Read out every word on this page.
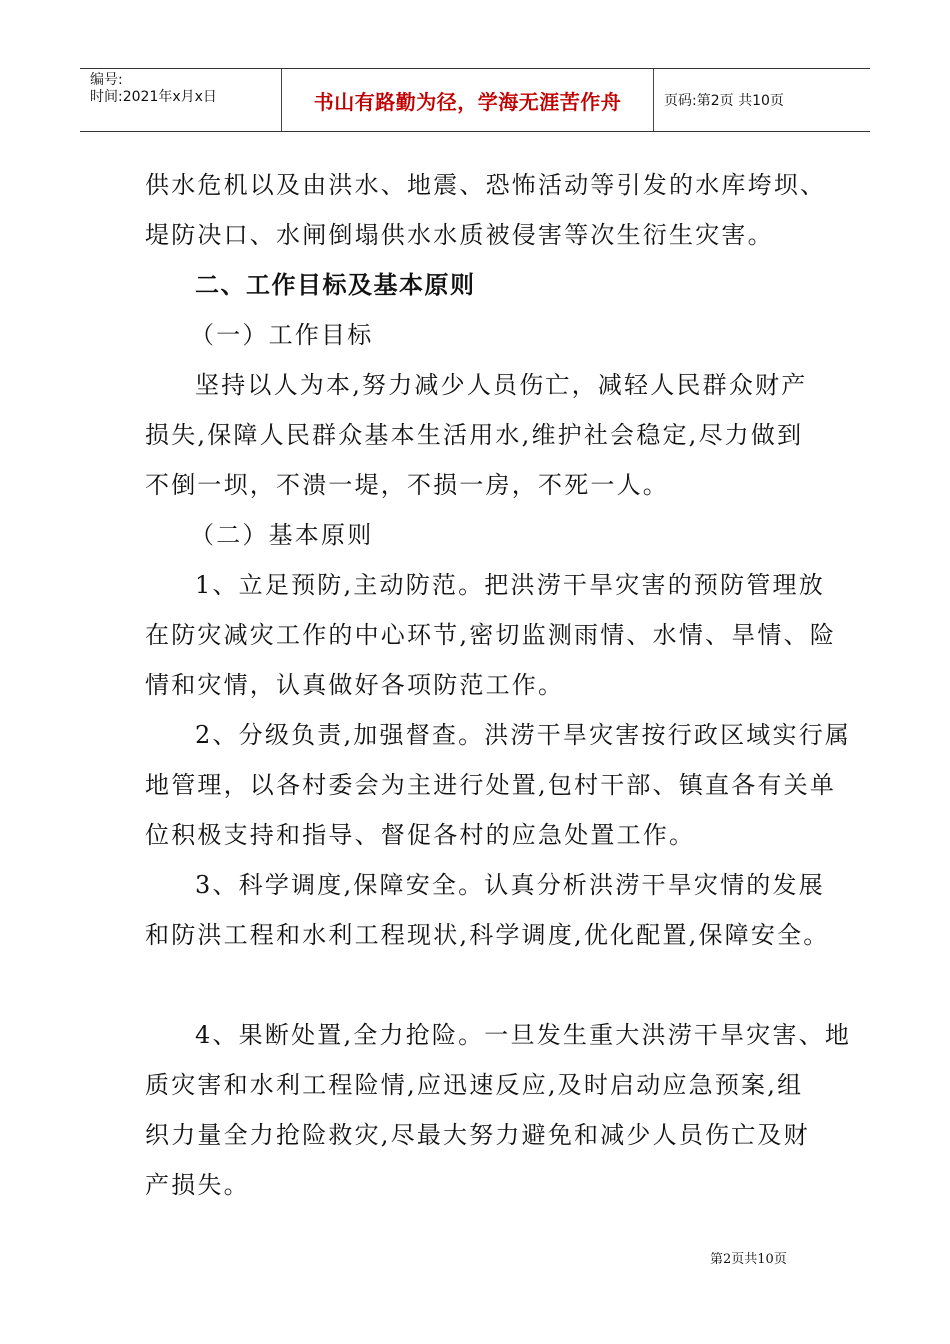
编号:
时间:2021年x月x日	书山有路勤为径，学海无涯苦作舟	页码:第2页 共10页

供水危机以及由洪水、地震、恐怖活动等引发的水库垮坝、

堤防决口、水闸倒塌供水水质被侵害等次生衍生灾害。

二、工作目标及基本原则

（一）工作目标

坚持以人为本,努力减少人员伤亡，减轻人民群众财产

损失,保障人民群众基本生活用水,维护社会稳定,尽力做到

不倒一坝，不溃一堤，不损一房，不死一人。

（二）基本原则

1、立足预防,主动防范。把洪涝干旱灾害的预防管理放

在防灾减灾工作的中心环节,密切监测雨情、水情、旱情、险

情和灾情，认真做好各项防范工作。

2、分级负责,加强督查。洪涝干旱灾害按行政区域实行属

地管理，以各村委会为主进行处置,包村干部、镇直各有关单

位积极支持和指导、督促各村的应急处置工作。

3、科学调度,保障安全。认真分析洪涝干旱灾情的发展

和防洪工程和水利工程现状,科学调度,优化配置,保障安全。

4、果断处置,全力抢险。一旦发生重大洪涝干旱灾害、地

质灾害和水利工程险情,应迅速反应,及时启动应急预案,组

织力量全力抢险救灾,尽最大努力避免和减少人员伤亡及财

产损失。

第2页共10页
